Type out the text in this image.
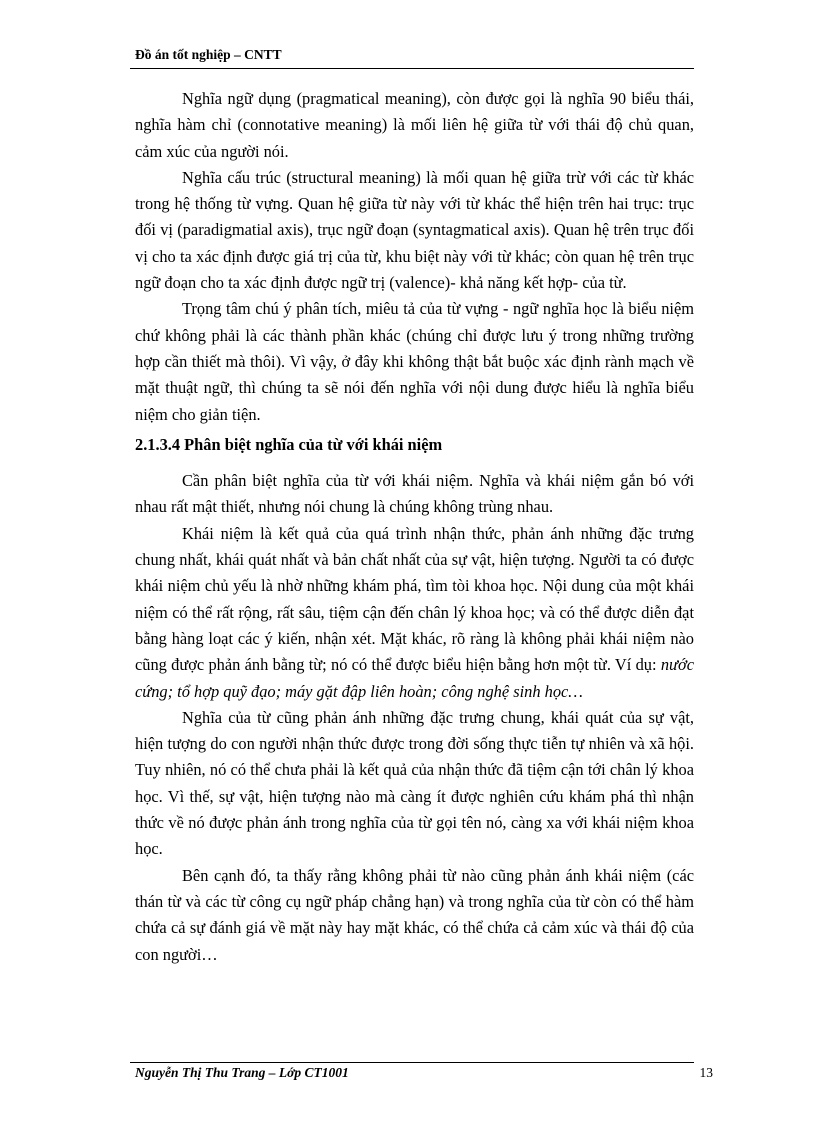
Đồ án tốt nghiệp – CNTT

Nghĩa ngữ dụng (pragmatical meaning), còn được gọi là nghĩa 90 biểu thái, nghĩa hàm chỉ (connotative meaning) là mối liên hệ giữa từ với thái độ chủ quan, cảm xúc của người nói.

Nghĩa cấu trúc (structural meaning) là mối quan hệ giữa trừ với các từ khác trong hệ thống từ vựng. Quan hệ giữa từ này với từ khác thể hiện trên hai trục: trục đối vị (paradigmatial axis), trục ngữ đoạn (syntagmatical axis). Quan hệ trên trục đối vị cho ta xác định được giá trị của từ, khu biệt này với từ khác; còn quan hệ trên trục ngữ đoạn cho ta xác định được ngữ trị (valence)- khả năng kết hợp- của từ.

Trọng tâm chú ý phân tích, miêu tả của từ vựng - ngữ nghĩa học là biểu niệm chứ không phải là các thành phần khác (chúng chỉ được lưu ý trong những trường hợp cần thiết mà thôi). Vì vậy, ở đây khi không thật bắt buộc xác định rành mạch về mặt thuật ngữ, thì chúng ta sẽ nói đến nghĩa với nội dung được hiểu là nghĩa biểu niệm cho giản tiện.

2.1.3.4 Phân biệt nghĩa của từ với khái niệm

Cần phân biệt nghĩa của từ với khái niệm. Nghĩa và khái niệm gắn bó với nhau rất mật thiết, nhưng nói chung là chúng không trùng nhau.

Khái niệm là kết quả của quá trình nhận thức, phản ánh những đặc trưng chung nhất, khái quát nhất và bản chất nhất của sự vật, hiện tượng. Người ta có được khái niệm chủ yếu là nhờ những khám phá, tìm tòi khoa học. Nội dung của một khái niệm có thể rất rộng, rất sâu, tiệm cận đến chân lý khoa học; và có thể được diễn đạt bằng hàng loạt các ý kiến, nhận xét. Mặt khác, rõ ràng là không phải khái niệm nào cũng được phản ánh bằng từ; nó có thể được biểu hiện bằng hơn một từ. Ví dụ: nước cứng; tổ hợp quỹ đạo; máy gặt đập liên hoàn; công nghệ sinh học…

Nghĩa của từ cũng phản ánh những đặc trưng chung, khái quát của sự vật, hiện tượng do con người nhận thức được trong đời sống thực tiễn tự nhiên và xã hội. Tuy nhiên, nó có thể chưa phải là kết quả của nhận thức đã tiệm cận tới chân lý khoa học. Vì thế, sự vật, hiện tượng nào mà càng ít được nghiên cứu khám phá thì nhận thức về nó được phản ánh trong nghĩa của từ gọi tên nó, càng xa với khái niệm khoa học.

Bên cạnh đó, ta thấy rằng không phải từ nào cũng phản ánh khái niệm (các thán từ và các từ công cụ ngữ pháp chẳng hạn) và trong nghĩa của từ còn có thể hàm chứa cả sự đánh giá về mặt này hay mặt khác, có thể chứa cả cảm xúc và thái độ của con người…

Nguyễn Thị Thu Trang – Lớp CT1001	13
